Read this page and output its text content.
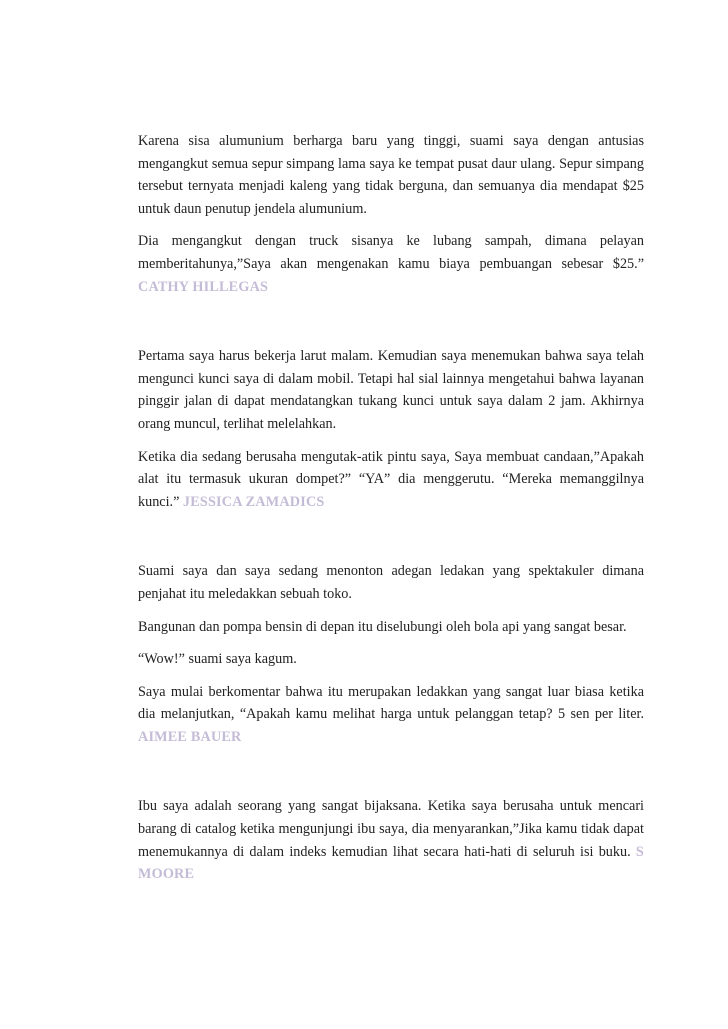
Karena sisa alumunium berharga baru yang tinggi, suami saya dengan antusias mengangkut semua sepur simpang lama saya ke tempat pusat daur ulang. Sepur simpang tersebut ternyata menjadi kaleng yang tidak berguna, dan semuanya dia mendapat $25 untuk daun penutup jendela alumunium.

Dia mengangkut dengan truck sisanya ke lubang sampah, dimana pelayan memberitahunya,”Saya akan mengenakan kamu biaya pembuangan sebesar $25.” CATHY HILLEGAS

Pertama saya harus bekerja larut malam. Kemudian saya menemukan bahwa saya telah mengunci kunci saya di dalam mobil. Tetapi hal sial lainnya mengetahui bahwa layanan pinggir jalan di dapat mendatangkan tukang kunci untuk saya dalam 2 jam. Akhirnya orang muncul, terlihat melelahkan.

Ketika dia sedang berusaha mengutak-atik pintu saya, Saya membuat candaan,”Apakah alat itu termasuk ukuran dompet?” “YA” dia menggerutu. “Mereka memanggilnya kunci.” JESSICA ZAMADICS

Suami saya dan saya sedang menonton adegan ledakan yang spektakuler dimana penjahat itu meledakkan sebuah toko.

Bangunan dan pompa bensin di depan itu diselubungi oleh bola api yang sangat besar.

“Wow!” suami saya kagum.

Saya mulai berkomentar bahwa itu merupakan ledakkan yang sangat luar biasa ketika dia melanjutkan, “Apakah kamu melihat harga untuk pelanggan tetap? 5 sen per liter. AIMEE BAUER

Ibu saya adalah seorang yang sangat bijaksana. Ketika saya berusaha untuk mencari barang di catalog ketika mengunjungi ibu saya, dia menyarankan,”Jika kamu tidak dapat menemukannya di dalam indeks kemudian lihat secara hati-hati di seluruh isi buku. S MOORE
